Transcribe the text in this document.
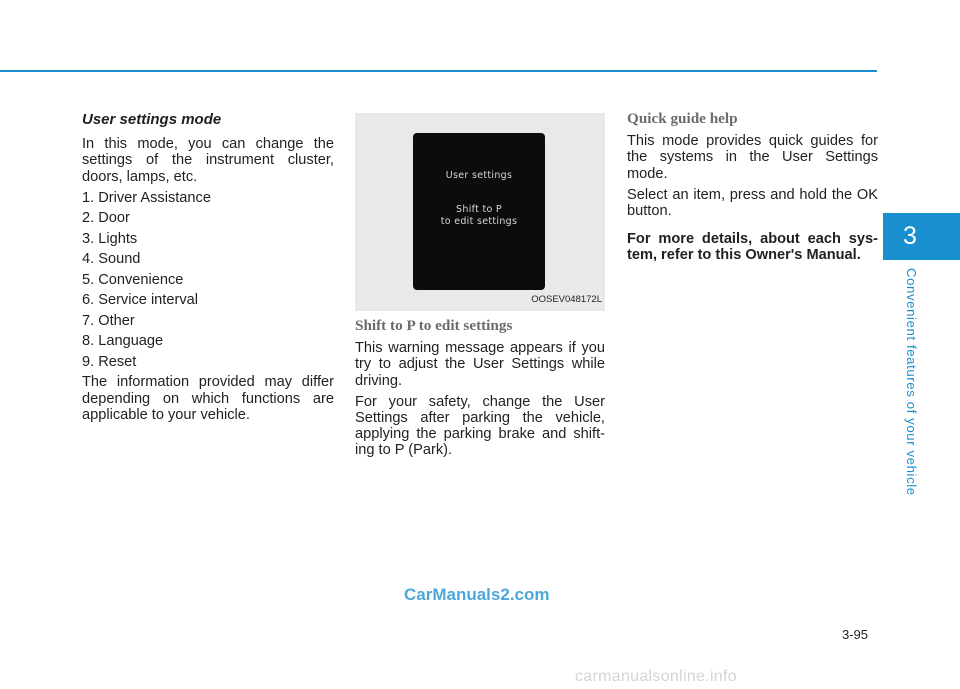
User settings mode

In this mode, you can change the settings of the instrument cluster, doors, lamps, etc.

1. Driver Assistance
2. Door
3. Lights
4. Sound
5. Convenience
6. Service interval
7. Other
8. Language
9. Reset

The information provided may differ depending on which functions are applicable to your vehicle.

User settings
Shift to P
to edit settings
OOSEV048172L
Shift to P to edit settings

This warning message appears if you try to adjust the User Settings while driving.

For your safety, change the User Settings after parking the vehicle, applying the parking brake and shift- ing to P (Park).

Quick guide help

This mode provides quick guides for the systems in the User Settings mode.

Select an item, press and hold the OK button.

For more details, about each sys- tem, refer to this Owner's Manual.

3
Convenient features of your vehicle
3-95
CarManuals2.com
carmanualsonline.info
